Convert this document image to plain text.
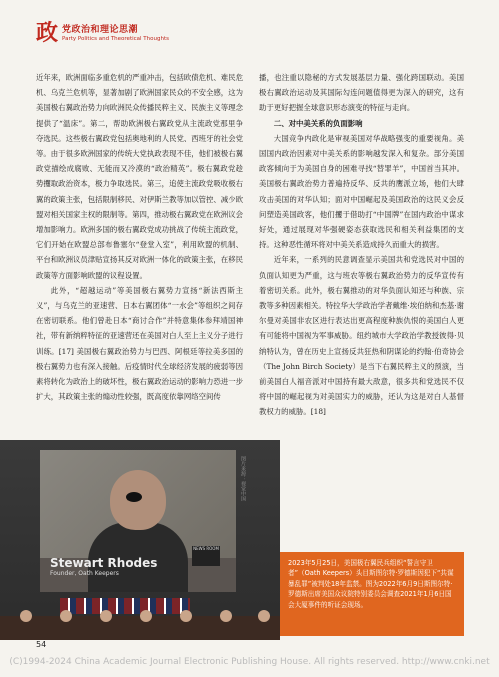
政 党政治和理论思潮
Party Politics and Theoretical Thoughts

近年来，欧洲面临多重危机的严重冲击，包括欧债危机、难民危机、乌克兰危机等，显著加剧了欧洲国家民众的不安全感，这为美国极右翼政治势力向欧洲民众传播民粹主义、民族主义等理念提供了“温床”。第二，帮助欧洲极右翼政党从主流政党那里争夺选民。这些极右翼政党包括奥地利的人民党、西班牙的社会党等。由于很多欧洲国家的传统大党执政表现不佳，他们被极右翼政党描绘成腐败、无能而又冷漠的“政治精英”。极右翼政党趁势攫取政治资本，极力争取选民。第三，追使主流政党吸收极右翼的政策主张，包括限制移民、对伊斯兰教等加以管控、减少欧盟对相关国家主权的限制等。第四，推动极右翼政党在欧洲议会增加影响力。欧洲多国的极右翼政党成功挑战了传统主流政党，它们开始在欧盟总部布鲁塞尔“登堂入室”，利用欧盟的机制、平台和欧洲议员津贴宣扬其反对欧洲一体化的政策主张，在移民政策等方面影响欧盟的议程设置。

此外，“超越运动”等美国极右翼势力宣扬“新法西斯主义”，与乌克兰的亚速营、日本右翼团体“一水会”等组织之间存在密切联系。他们曾赴日本“商讨合作”并特意集体参拜靖国神社，带有新纳粹特征的亚速营还在美国对白人至上主义分子进行训练。[17] 美国极右翼政治势力与巴西、阿根廷等拉美多国的极右翼势力也有深入接触。后疫情时代全球经济发展的疲弱等因素将转化为政治上的破坏性，极右翼政治运动的影响力恐进一步扩大，其政策主张的煽动性较强，既高度依靠网络空间传

播，也注重以隐秘的方式发展基层力量、强化跨国联动。美国极右翼政治运动及其国际勾连问题值得更为深入的研究，这有助于更好把握全球意识形态演变的特征与走向。

二、对中美关系的负面影响

大国竞争内政化是审视美国对华战略强变的重要视角。美国国内政治因素对中美关系的影响越发深入和复杂。部分美国政客倾向于为美国自身的困难寻找“替罪羊”，中国首当其冲。美国极右翼政治势力普遍持反华、反共的鹰派立场，他们大肆攻击美国的对华认知；面对中国崛起及美国政治的这民义会反问塑造美国政客，他们攫于借助打“中国牌”在国内政治中谋求好处，通过展现对华强硬姿态获取选民和相关利益集团的支持。这种恶性循环将对中美关系造成持久而重大的损害。

近年来，一系列的民意调查显示美国共和党选民对中国的负面认知更为严重，这与班农等极右翼政治势力的反华宣传有着密切关系。此外，极右翼推动的对华负面认知还与种族、宗教等多种因素相关。特拉华大学政治学者戴维·埃伯纳和杰基·谢尔曼对美国非农区进行表达出更高程度种族仇恨的美国白人更有可能将中国视为军事威胁。纽约城市大学政治学教授彼得·贝纳特认为，曾在历史上宣扬反共狂热和阴谋论的约翰·伯奇协会（The John Birch Society）是当下右翼民粹主义的预演，当前美国白人福音派对中国持有最大敌意，很多共和党选民不仅将中国的崛起视为对美国实力的威胁，还认为这是对白人基督教权力的威胁。[18]

Stewart Rhodes
Founder, Oath Keepers
NEWS ROOM
图片来源：视觉中国
2023年5月25日，美国极右翼民兵组织“誓言守卫者”（Oath Keepers）头目斯图尔特·罗德斯因犯下“共谋暴乱罪”被判处18年监禁。图为2022年6月9日斯图尔特·罗德斯出席美国众议院特别委员会调查2021年1月6日国会大厦事件的听证会现场。
54
(C)1994-2024 China Academic Journal Electronic Publishing House. All rights reserved. http://www.cnki.net
